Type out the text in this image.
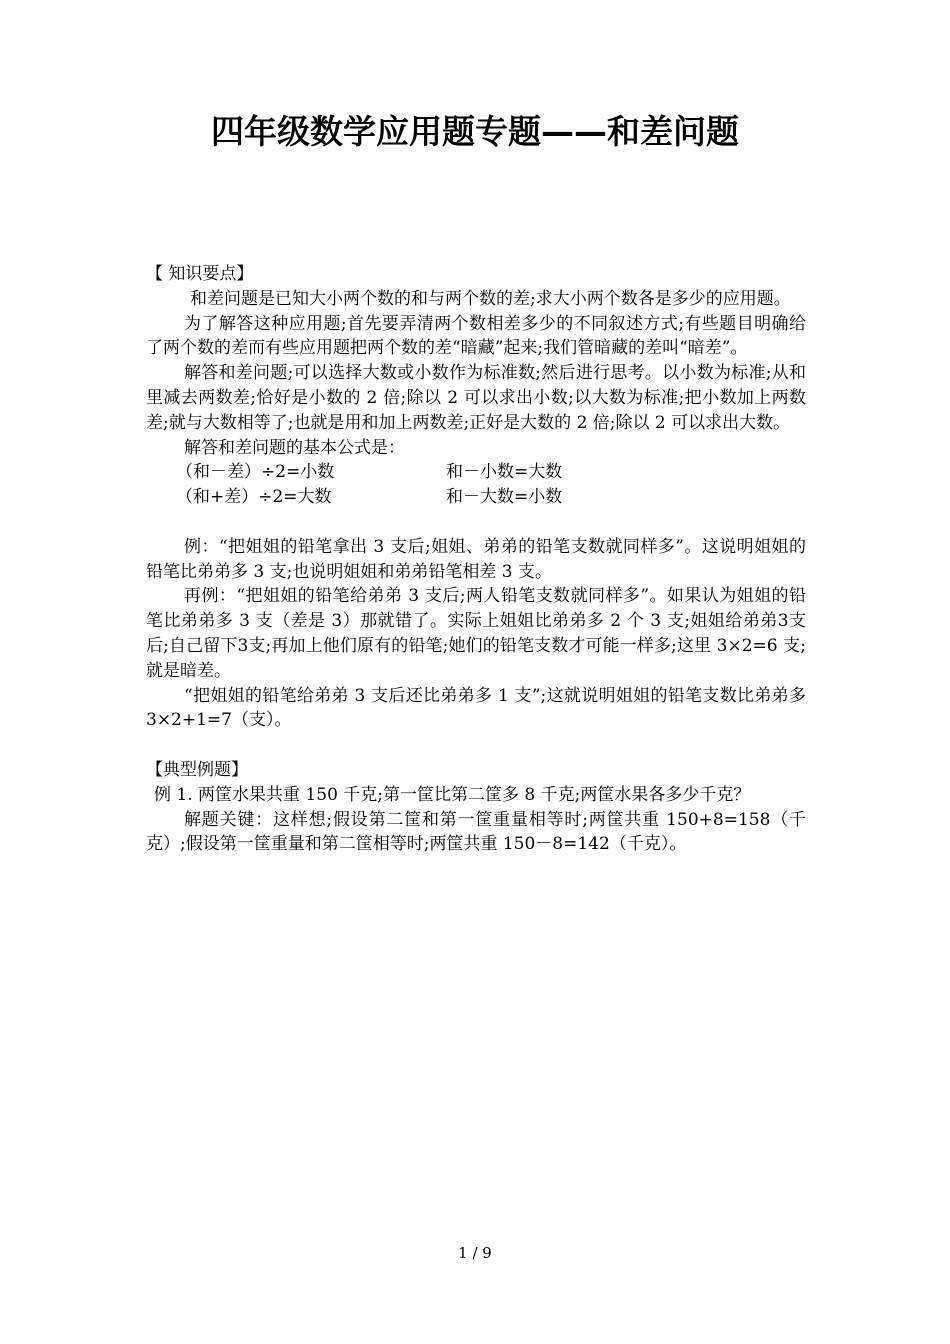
四年级数学应用题专题——和差问题

【 知识要点】

和差问题是已知大小两个数的和与两个数的差;求大小两个数各是多少的应用题。

为了解答这种应用题;首先要弄清两个数相差多少的不同叙述方式;有些题目明确给了两个数的差而有些应用题把两个数的差“暗藏”起来;我们管暗藏的差叫“暗差”。

解答和差问题;可以选择大数或小数作为标准数;然后进行思考。以小数为标准;从和里减去两数差;恰好是小数的 2 倍;除以 2 可以求出小数;以大数为标准;把小数加上两数差;就与大数相等了;也就是用和加上两数差;正好是大数的 2 倍;除以 2 可以求出大数。

解答和差问题的基本公式是：

（和－差）÷2=小数	和－小数=大数
（和+差）÷2=大数	和－大数=小数

例：“把姐姐的铅笔拿出 3 支后;姐姐、弟弟的铅笔支数就同样多”。这说明姐姐的铅笔比弟弟多 3 支;也说明姐姐和弟弟铅笔相差 3 支。

再例：“把姐姐的铅笔给弟弟 3 支后;两人铅笔支数就同样多”。如果认为姐姐的铅笔比弟弟多 3 支（差是 3）那就错了。实际上姐姐比弟弟多 2 个 3 支;姐姐给弟弟3支后;自己留下3支;再加上他们原有的铅笔;她们的铅笔支数才可能一样多;这里 3×2=6 支;就是暗差。

“把姐姐的铅笔给弟弟 3 支后还比弟弟多 1 支”;这就说明姐姐的铅笔支数比弟弟多 3×2+1=7（支）。

【典型例题】

例 1. 两筐水果共重 150 千克;第一筐比第二筐多 8 千克;两筐水果各多少千克？

解题关键：这样想;假设第二筐和第一筐重量相等时;两筐共重 150+8=158（千克）;假设第一筐重量和第二筐相等时;两筐共重 150－8=142（千克）。

1 / 9
